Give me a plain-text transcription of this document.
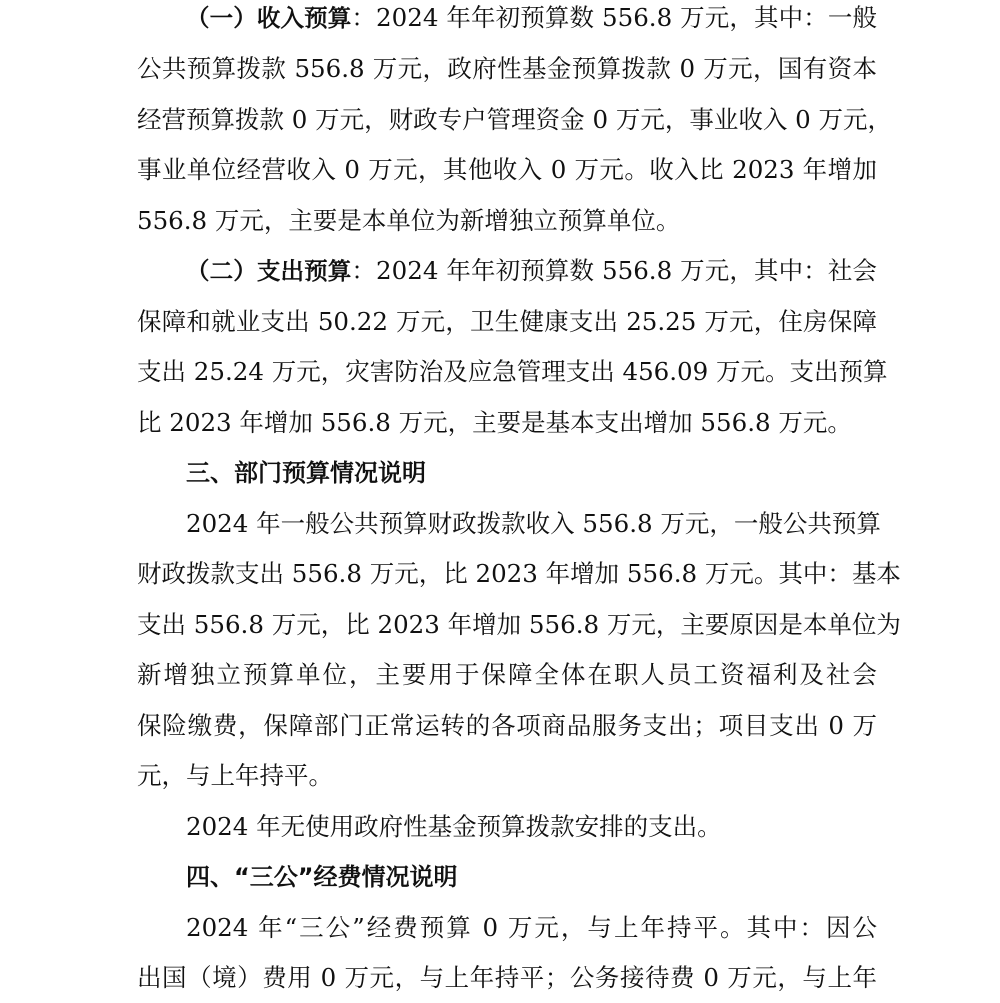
（一）收入预算：2024 年年初预算数 556.8 万元，其中：一般
公共预算拨款 556.8 万元，政府性基金预算拨款 0 万元，国有资本
经营预算拨款 0 万元，财政专户管理资金 0 万元，事业收入 0 万元，
事业单位经营收入 0 万元，其他收入 0 万元。收入比 2023 年增加
556.8 万元，主要是本单位为新增独立预算单位。
（二）支出预算：2024 年年初预算数 556.8 万元，其中：社会
保障和就业支出 50.22 万元，卫生健康支出 25.25 万元，住房保障
支出 25.24 万元，灾害防治及应急管理支出 456.09 万元。支出预算
比 2023 年增加 556.8 万元，主要是基本支出增加 556.8 万元。
三、部门预算情况说明
2024 年一般公共预算财政拨款收入 556.8 万元，一般公共预算
财政拨款支出 556.8 万元，比 2023 年增加 556.8 万元。其中：基本
支出 556.8 万元，比 2023 年增加 556.8 万元，主要原因是本单位为
新增独立预算单位，主要用于保障全体在职人员工资福利及社会
保险缴费，保障部门正常运转的各项商品服务支出；项目支出 0 万
元，与上年持平。
2024 年无使用政府性基金预算拨款安排的支出。
四、“三公”经费情况说明
2024 年“三公”经费预算 0 万元，与上年持平。其中：因公
出国（境）费用 0 万元，与上年持平；公务接待费 0 万元，与上年
